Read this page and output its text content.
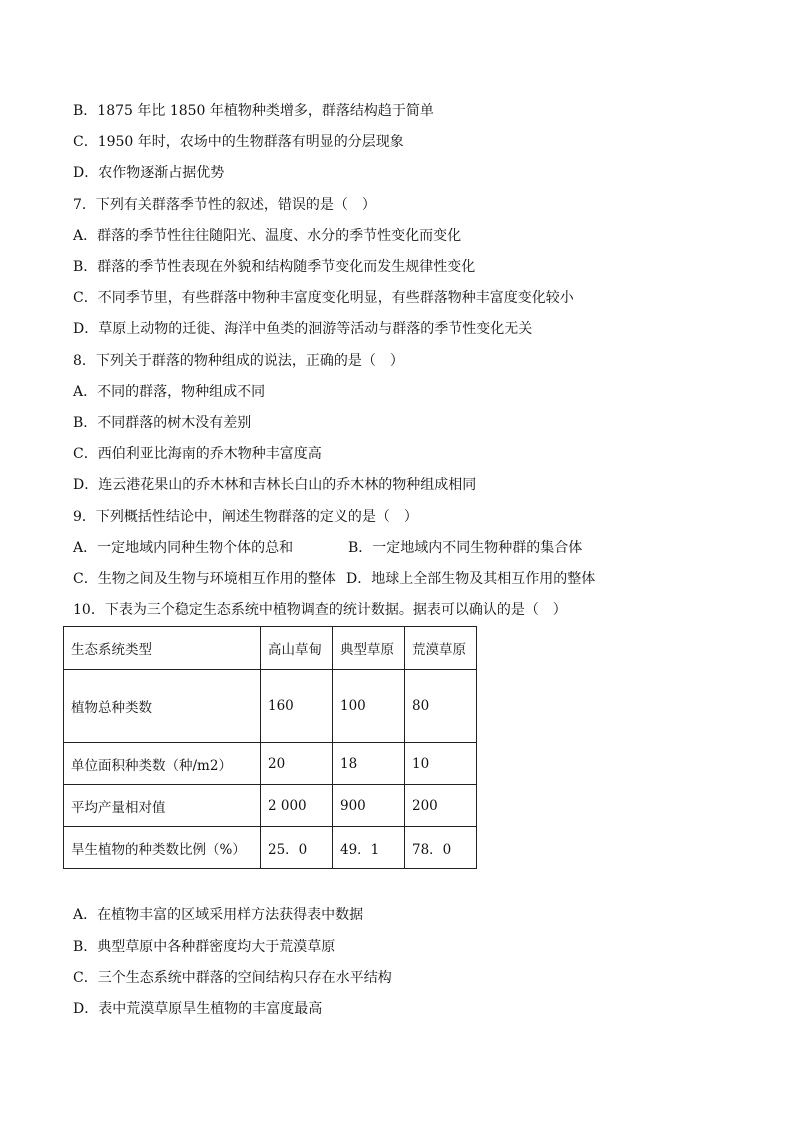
B．1875 年比 1850 年植物种类增多，群落结构趋于简单
C．1950 年时，农场中的生物群落有明显的分层现象
D．农作物逐渐占据优势
7．下列有关群落季节性的叙述，错误的是（　）
A．群落的季节性往往随阳光、温度、水分的季节性变化而变化
B．群落的季节性表现在外貌和结构随季节变化而发生规律性变化
C．不同季节里，有些群落中物种丰富度变化明显，有些群落物种丰富度变化较小
D．草原上动物的迁徙、海洋中鱼类的洄游等活动与群落的季节性变化无关
8．下列关于群落的物种组成的说法，正确的是（　）
A．不同的群落，物种组成不同
B．不同群落的树木没有差别
C．西伯利亚比海南的乔木物种丰富度高
D．连云港花果山的乔木林和吉林长白山的乔木林的物种组成相同
9．下列概括性结论中，阐述生物群落的定义的是（　）
A．一定地域内同种生物个体的总和	B．一定地域内不同生物种群的集合体
C．生物之间及生物与环境相互作用的整体 D．地球上全部生物及其相互作用的整体
10．下表为三个稳定生态系统中植物调查的统计数据。据表可以确认的是（　）
生态系统类型	高山草甸	典型草原	荒漠草原
植物总种类数	160	100	80
单位面积种类数（种/m2）	20	18	10
平均产量相对值	2 000	900	200
旱生植物的种类数比例（%）	25．0	49．1	78．0
A．在植物丰富的区域采用样方法获得表中数据
B．典型草原中各种群密度均大于荒漠草原
C．三个生态系统中群落的空间结构只存在水平结构
D．表中荒漠草原旱生植物的丰富度最高
